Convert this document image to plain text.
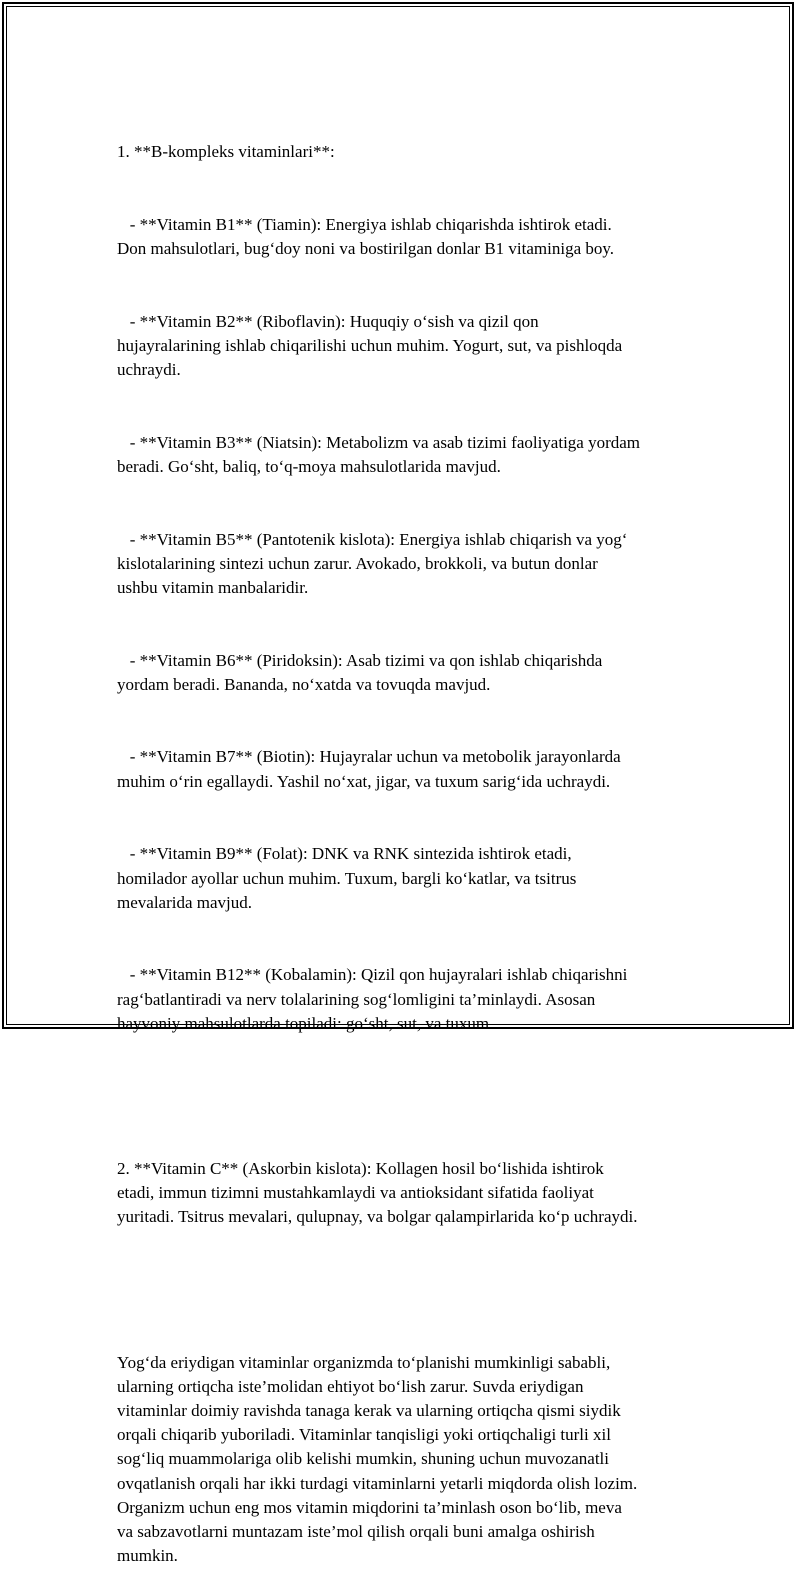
1. **B-kompleks vitaminlari**:

- **Vitamin B1** (Tiamin): Energiya ishlab chiqarishda ishtirok etadi.
Don mahsulotlari, bug‘doy noni va bostirilgan donlar B1 vitaminiga boy.

- **Vitamin B2** (Riboflavin): Huquqiy o‘sish va qizil qon
hujayralarining ishlab chiqarilishi uchun muhim. Yogurt, sut, va pishloqda
uchraydi.

- **Vitamin B3** (Niatsin): Metabolizm va asab tizimi faoliyatiga yordam
beradi. Go‘sht, baliq, to‘q-moya mahsulotlarida mavjud.

- **Vitamin B5** (Pantotenik kislota): Energiya ishlab chiqarish va yog‘
kislotalarining sintezi uchun zarur. Avokado, brokkoli, va butun donlar
ushbu vitamin manbalaridir.

- **Vitamin B6** (Piridoksin): Asab tizimi va qon ishlab chiqarishda
yordam beradi. Bananda, no‘xatda va tovuqda mavjud.

- **Vitamin B7** (Biotin): Hujayralar uchun va metobolik jarayonlarda
muhim o‘rin egallaydi. Yashil no‘xat, jigar, va tuxum sarig‘ida uchraydi.

- **Vitamin B9** (Folat): DNK va RNK sintezida ishtirok etadi,
homilador ayollar uchun muhim. Tuxum, bargli ko‘katlar, va tsitrus
mevalarida mavjud.

- **Vitamin B12** (Kobalamin): Qizil qon hujayralari ishlab chiqarishni
rag‘batlantiradi va nerv tolalarining sog‘lomligini ta’minlaydi. Asosan
hayvoniy mahsulotlarda topiladi: go‘sht, sut, va tuxum.

2. **Vitamin C** (Askorbin kislota): Kollagen hosil bo‘lishida ishtirok
etadi, immun tizimni mustahkamlaydi va antioksidant sifatida faoliyat
yuritadi. Tsitrus mevalari, qulupnay, va bolgar qalampirlarida ko‘p uchraydi.

Yog‘da eriydigan vitaminlar organizmda to‘planishi mumkinligi sababli,
ularning ortiqcha iste’molidan ehtiyot bo‘lish zarur. Suvda eriydigan
vitaminlar doimiy ravishda tanaga kerak va ularning ortiqcha qismi siydik
orqali chiqarib yuboriladi. Vitaminlar tanqisligi yoki ortiqchaligi turli xil
sog‘liq muammolariga olib kelishi mumkin, shuning uchun muvozanatli
ovqatlanish orqali har ikki turdagi vitaminlarni yetarli miqdorda olish lozim.
Organizm uchun eng mos vitamin miqdorini ta’minlash oson bo‘lib, meva
va sabzavotlarni muntazam iste’mol qilish orqali buni amalga oshirish
mumkin.
